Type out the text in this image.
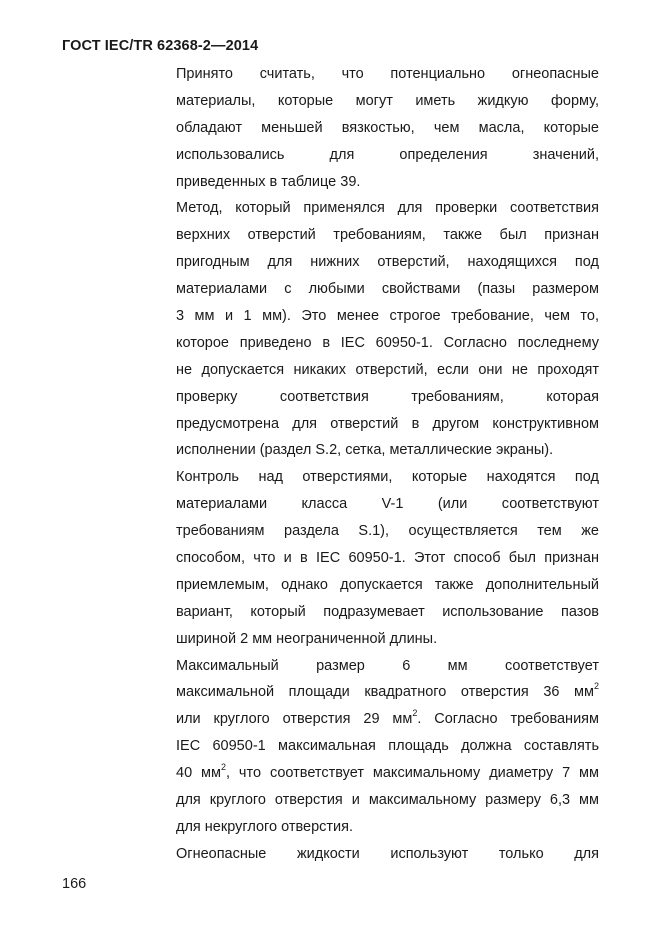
ГОСТ IEC/TR 62368-2—2014
Принято считать, что потенциально огнеопасные
материалы, которые могут иметь жидкую форму,
обладают меньшей вязкостью, чем масла, которые
использовались для определения значений,
приведенных в таблице 39.
Метод, который применялся для проверки соответствия
верхних отверстий требованиям, также был признан
пригодным для нижних отверстий, находящихся под
материалами с любыми свойствами (пазы размером
3 мм и 1 мм). Это менее строгое требование, чем то,
которое приведено в IEC 60950-1. Согласно последнему
не допускается никаких отверстий, если они не проходят
проверку соответствия требованиям, которая
предусмотрена для отверстий в другом конструктивном
исполнении (раздел S.2, сетка, металлические экраны).
Контроль над отверстиями, которые находятся под
материалами класса V-1 (или соответствуют
требованиям раздела S.1), осуществляется тем же
способом, что и в IEC 60950-1. Этот способ был признан
приемлемым, однако допускается также дополнительный
вариант, который подразумевает использование пазов
шириной 2 мм неограниченной длины.
Максимальный размер 6 мм соответствует
максимальной площади квадратного отверстия 36 $мм^2$
или круглого отверстия 29 $мм^2$. Согласно требованиям
IEC 60950-1 максимальная площадь должна составлять
40 $мм^2$, что соответствует максимальному диаметру 7 мм
для круглого отверстия и максимальному размеру 6,3 мм
для некруглого отверстия.
Огнеопасные жидкости используют только для
166
